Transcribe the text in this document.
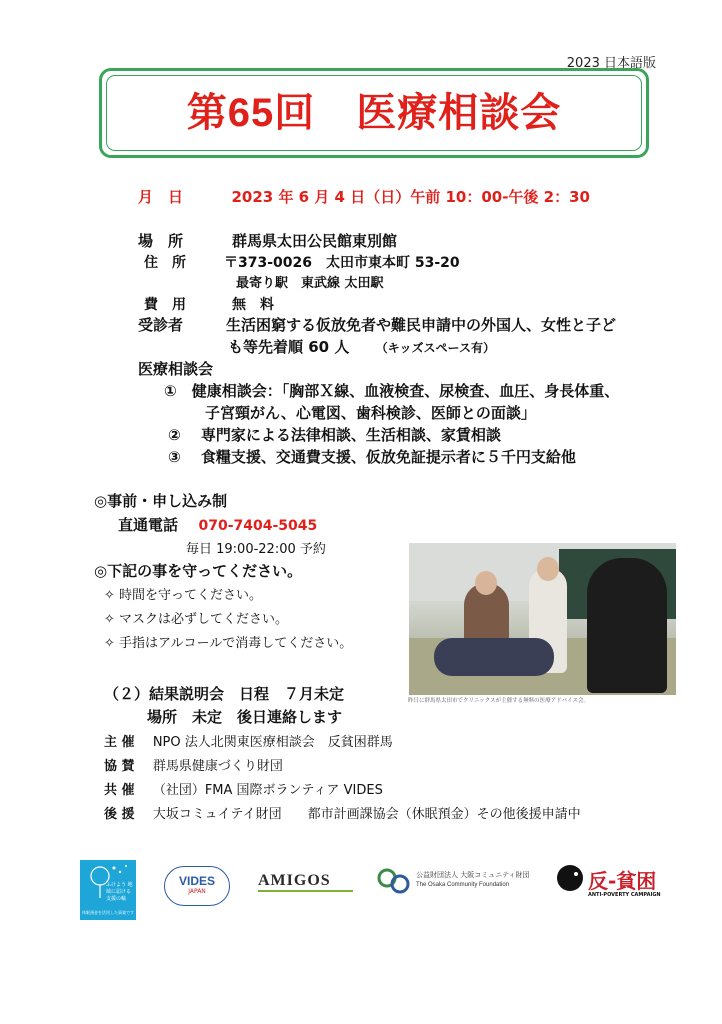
2023 日本語版
第65回　医療相談会
月　日	2023 年 6 月 4 日（日）午前 10：00-午後 2：30
場　所	群馬県太田公民館東別館
住　所	〒373-0026　太田市東本町 53-20
最寄り駅　東武線 太田駅
費　用	無　料
受診者	生活困窮する仮放免者や難民申請中の外国人、女性と子ど
も等先着順 60 人 （キッズスペース有）
医療相談会
①　健康相談会：「胸部Ｘ線、血液検査、尿検査、血圧、身長体重、
子宮頸がん、心電図、歯科検診、医師との面談」
②　 専門家による法律相談、生活相談、家賃相談
③　 食糧支援、交通費支援、仮放免証提示者に５千円支給他
◎事前・申し込み制
直通電話 070-7404-5045
毎日 19:00-22:00 予約
◎下記の事を守ってください。
✧ 時間を守ってください。
✧ マスクは必ずしてください。
✧ 手指はアルコールで消毒してください。
昨日に群馬県太田市でクリニックスが主催する無料の医療アドバイス会。
（２）結果説明会　日程　７月未定
場所　未定　後日連絡します
主 催 NPO 法人北関東医療相談会　反貧困群馬
協 賛 群馬県健康づくり財団
共 催 （社団）FMA 国際ボランティア VIDES
後 援 大坂コミュイテイ財団　　都市計画課協会（休眠預金）その他後援申請中
ふけよう 地域に届ける 支援の輪
休眠預金を活用した事業です
VIDES
JAPAN
AMIGOS	公益財団法人 大阪コミュニティ財団
The Osaka Community Foundation	反-貧困
ANTI-POVERTY CAMPAIGN
